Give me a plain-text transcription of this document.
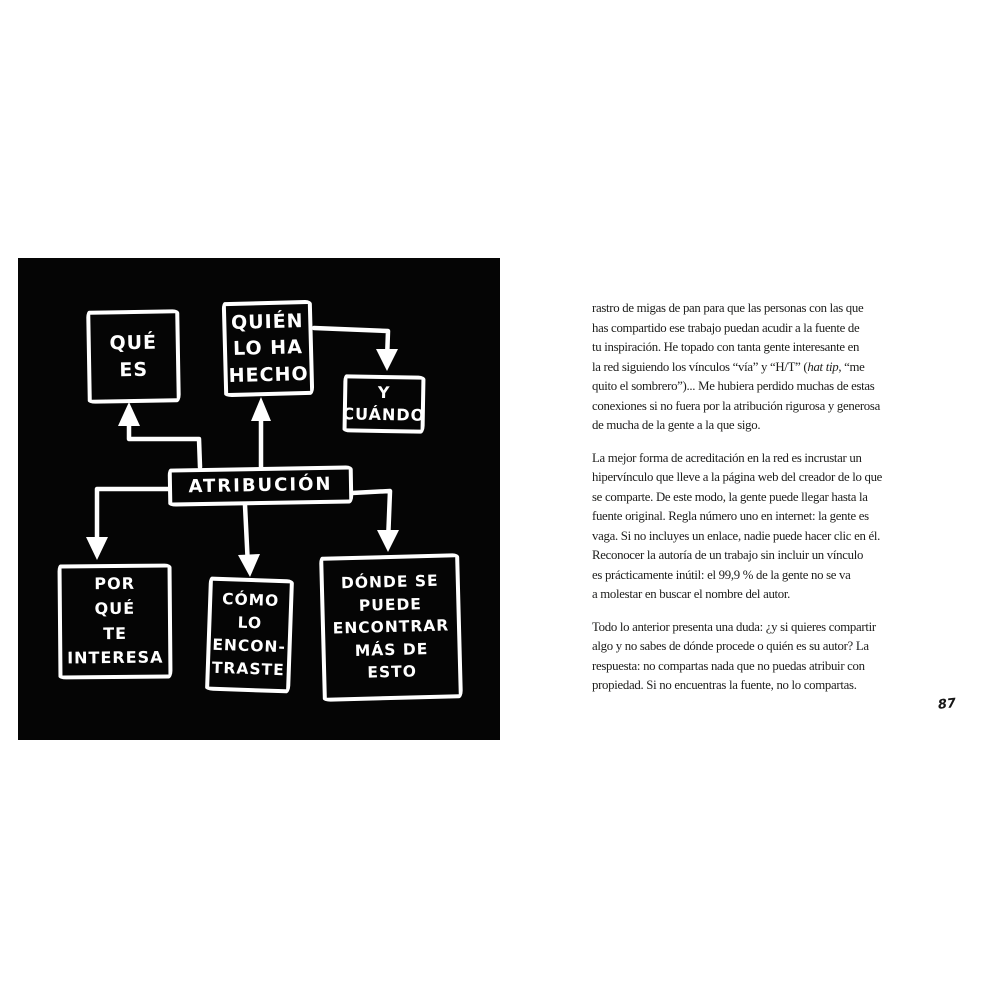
QUÉ
ES
QUIÉN
LO HA
HECHO
Y
CUÁNDO
ATRIBUCIÓN
POR
QUÉ
TE
INTERESA
CÓMO
LO
ENCON-
TRASTE
DÓNDE SE
PUEDE
ENCONTRAR
MÁS DE
ESTO

rastro de migas de pan para que las personas con las que
has compartido ese trabajo puedan acudir a la fuente de
tu inspiración. He topado con tanta gente interesante en
la red siguiendo los vínculos “vía” y “H/T” (hat tip, “me
quito el sombrero”)... Me hubiera perdido muchas de estas
conexiones si no fuera por la atribución rigurosa y generosa
de mucha de la gente a la que sigo.

La mejor forma de acreditación en la red es incrustar un
hipervínculo que lleve a la página web del creador de lo que
se comparte. De este modo, la gente puede llegar hasta la
fuente original. Regla número uno en internet: la gente es
vaga. Si no incluyes un enlace, nadie puede hacer clic en él.
Reconocer la autoría de un trabajo sin incluir un vínculo
es prácticamente inútil: el 99,9 % de la gente no se va
a molestar en buscar el nombre del autor.

Todo lo anterior presenta una duda: ¿y si quieres compartir
algo y no sabes de dónde procede o quién es su autor? La
respuesta: no compartas nada que no puedas atribuir con
propiedad. Si no encuentras la fuente, no lo compartas.

87
